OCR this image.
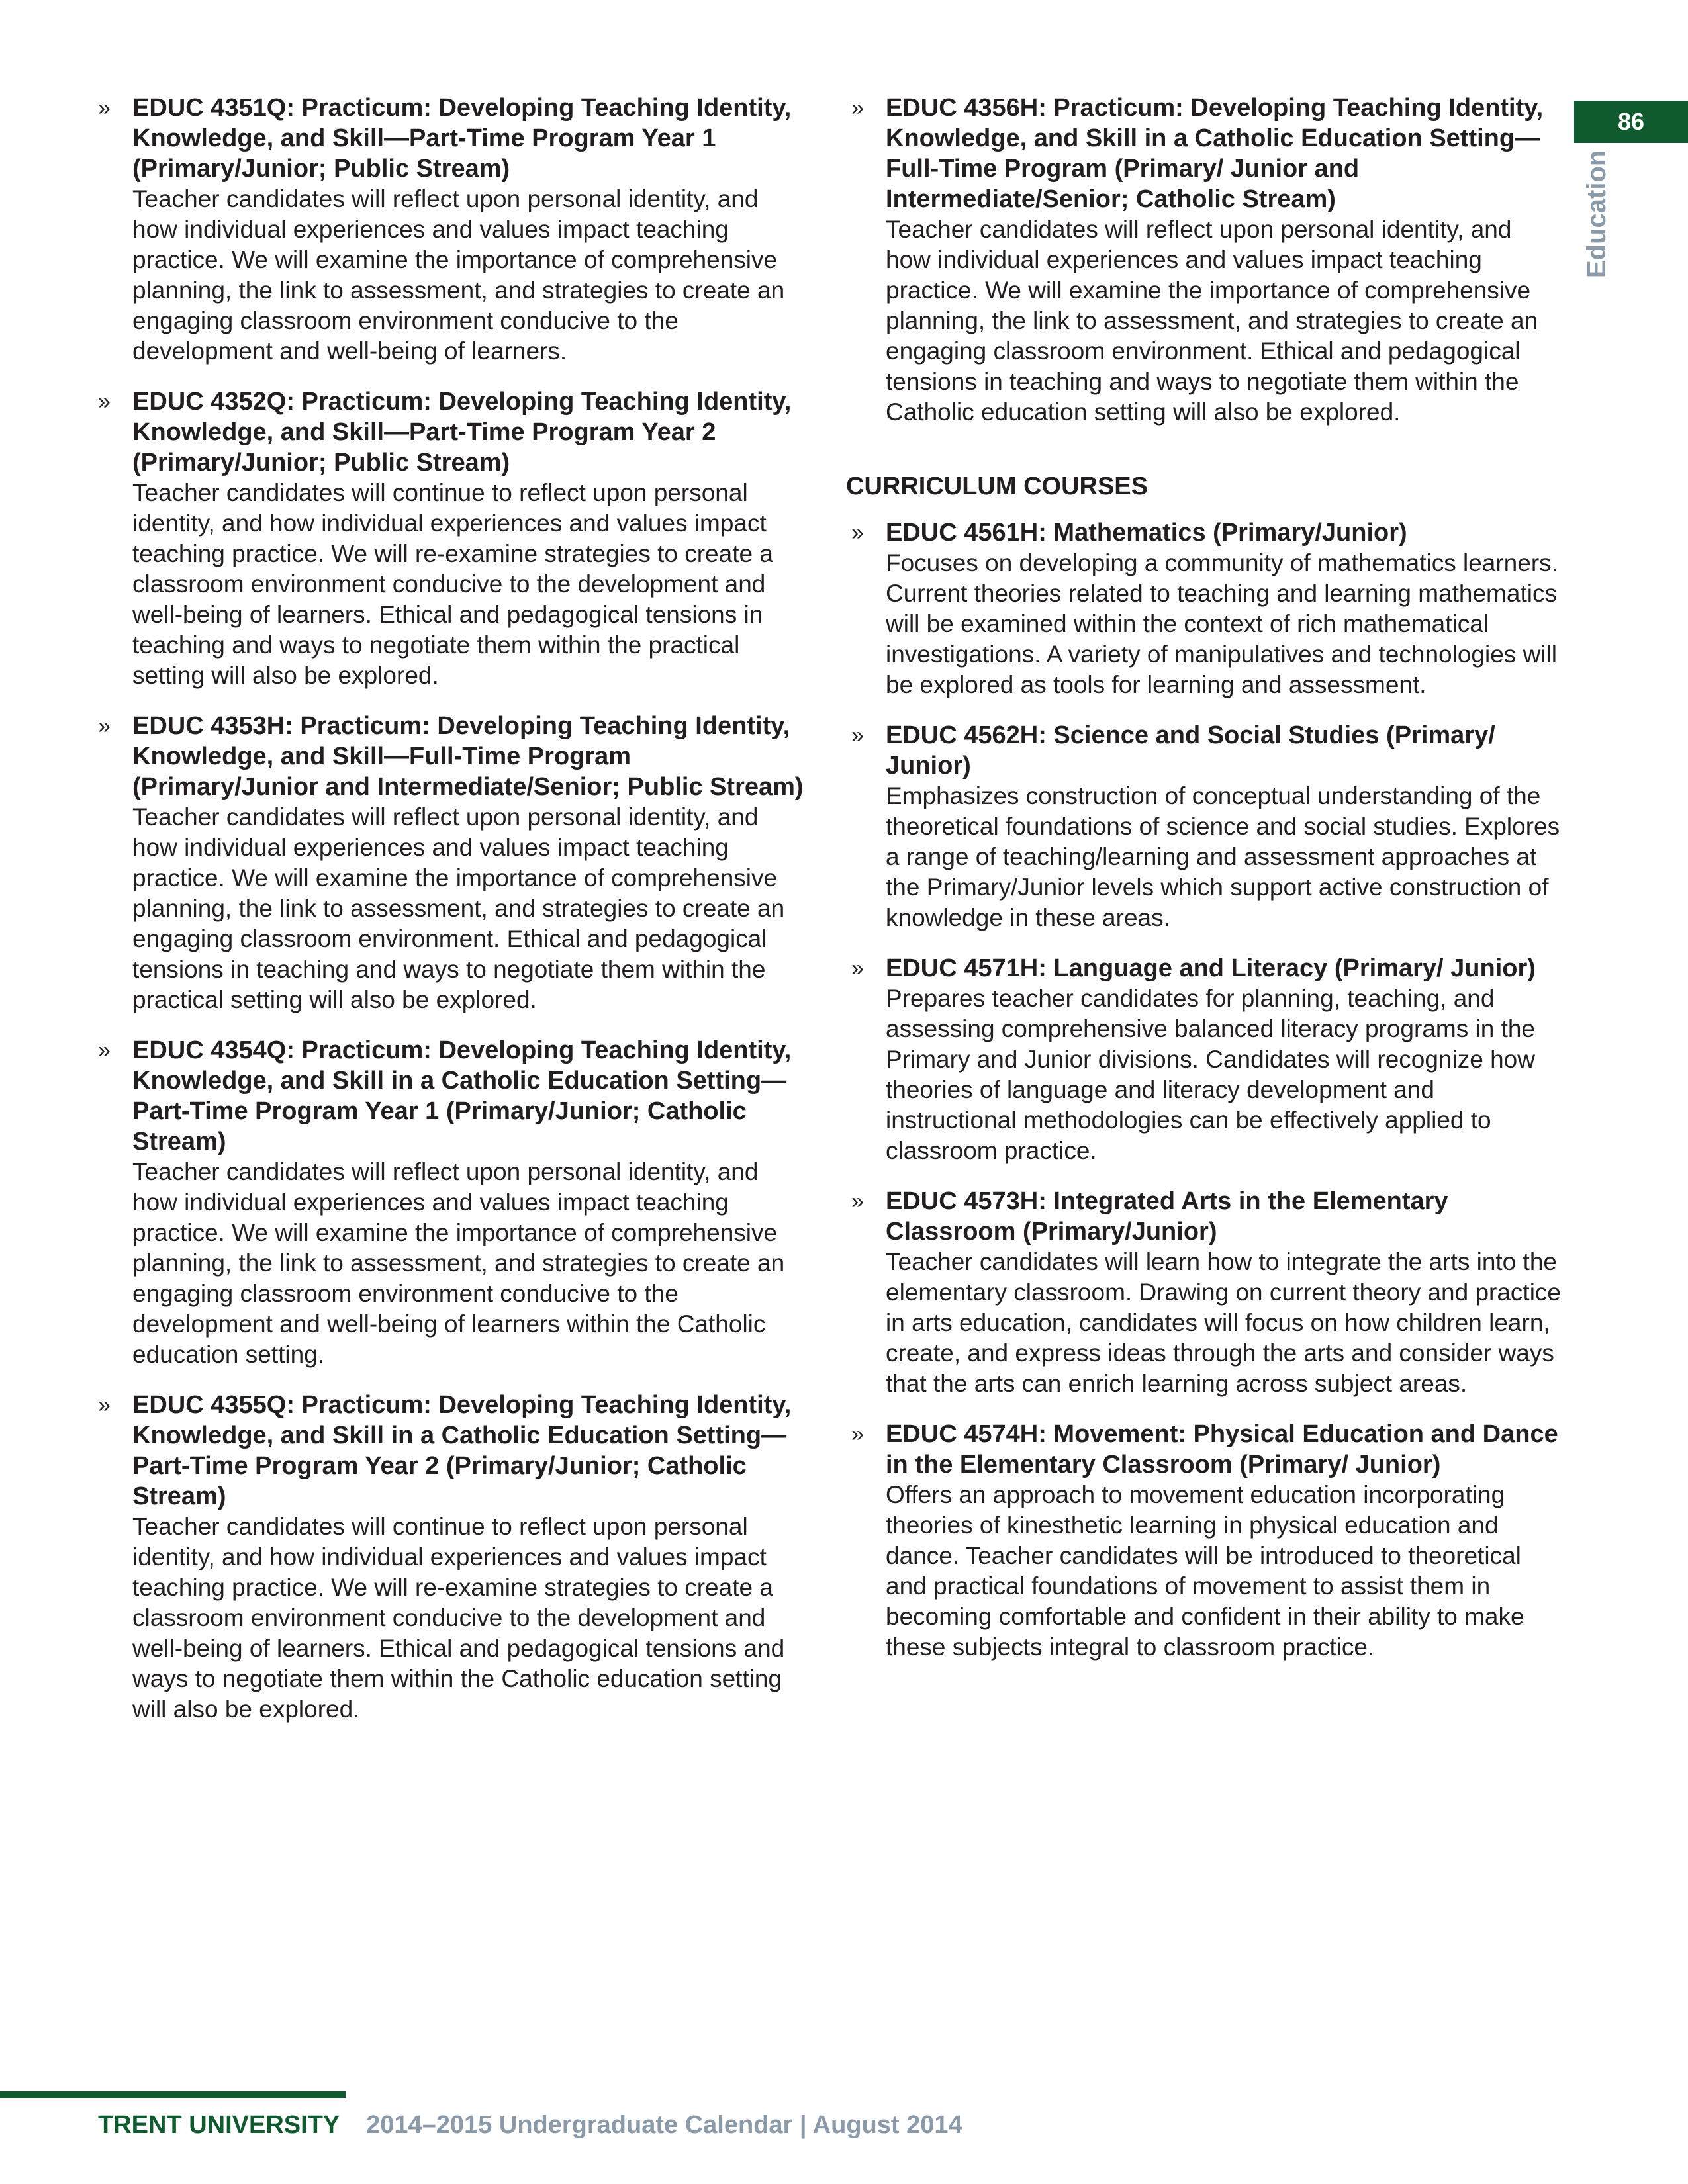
86
Education
» EDUC 4351Q: Practicum: Developing Teaching Identity, Knowledge, and Skill—Part-Time Program Year 1 (Primary/Junior; Public Stream)
Teacher candidates will reflect upon personal identity, and how individual experiences and values impact teaching practice. We will examine the importance of comprehensive planning, the link to assessment, and strategies to create an engaging classroom environment conducive to the development and well-being of learners.
» EDUC 4352Q: Practicum: Developing Teaching Identity, Knowledge, and Skill—Part-Time Program Year 2 (Primary/Junior; Public Stream)
Teacher candidates will continue to reflect upon personal identity, and how individual experiences and values impact teaching practice. We will re-examine strategies to create a classroom environment conducive to the development and well-being of learners. Ethical and pedagogical tensions in teaching and ways to negotiate them within the practical setting will also be explored.
» EDUC 4353H: Practicum: Developing Teaching Identity, Knowledge, and Skill—Full-Time Program (Primary/Junior and Intermediate/Senior; Public Stream)
Teacher candidates will reflect upon personal identity, and how individual experiences and values impact teaching practice. We will examine the importance of comprehensive planning, the link to assessment, and strategies to create an engaging classroom environment. Ethical and pedagogical tensions in teaching and ways to negotiate them within the practical setting will also be explored.
» EDUC 4354Q: Practicum: Developing Teaching Identity, Knowledge, and Skill in a Catholic Education Setting—Part-Time Program Year 1 (Primary/Junior; Catholic Stream)
Teacher candidates will reflect upon personal identity, and how individual experiences and values impact teaching practice. We will examine the importance of comprehensive planning, the link to assessment, and strategies to create an engaging classroom environment conducive to the development and well-being of learners within the Catholic education setting.
» EDUC 4355Q: Practicum: Developing Teaching Identity, Knowledge, and Skill in a Catholic Education Setting—Part-Time Program Year 2 (Primary/Junior; Catholic Stream)
Teacher candidates will continue to reflect upon personal identity, and how individual experiences and values impact teaching practice. We will re-examine strategies to create a classroom environment conducive to the development and well-being of learners. Ethical and pedagogical tensions and ways to negotiate them within the Catholic education setting will also be explored.
» EDUC 4356H: Practicum: Developing Teaching Identity, Knowledge, and Skill in a Catholic Education Setting—Full-Time Program (Primary/ Junior and Intermediate/Senior; Catholic Stream)
Teacher candidates will reflect upon personal identity, and how individual experiences and values impact teaching practice. We will examine the importance of comprehensive planning, the link to assessment, and strategies to create an engaging classroom environment. Ethical and pedagogical tensions in teaching and ways to negotiate them within the Catholic education setting will also be explored.
CURRICULUM COURSES
» EDUC 4561H: Mathematics (Primary/Junior)
Focuses on developing a community of mathematics learners. Current theories related to teaching and learning mathematics will be examined within the context of rich mathematical investigations. A variety of manipulatives and technologies will be explored as tools for learning and assessment.
» EDUC 4562H: Science and Social Studies (Primary/ Junior)
Emphasizes construction of conceptual understanding of the theoretical foundations of science and social studies. Explores a range of teaching/learning and assessment approaches at the Primary/Junior levels which support active construction of knowledge in these areas.
» EDUC 4571H: Language and Literacy (Primary/ Junior)
Prepares teacher candidates for planning, teaching, and assessing comprehensive balanced literacy programs in the Primary and Junior divisions. Candidates will recognize how theories of language and literacy development and instructional methodologies can be effectively applied to classroom practice.
» EDUC 4573H: Integrated Arts in the Elementary Classroom (Primary/Junior)
Teacher candidates will learn how to integrate the arts into the elementary classroom. Drawing on current theory and practice in arts education, candidates will focus on how children learn, create, and express ideas through the arts and consider ways that the arts can enrich learning across subject areas.
» EDUC 4574H: Movement: Physical Education and Dance in the Elementary Classroom (Primary/ Junior)
Offers an approach to movement education incorporating theories of kinesthetic learning in physical education and dance. Teacher candidates will be introduced to theoretical and practical foundations of movement to assist them in becoming comfortable and confident in their ability to make these subjects integral to classroom practice.
TRENT UNIVERSITY 2014–2015 Undergraduate Calendar | August 2014
